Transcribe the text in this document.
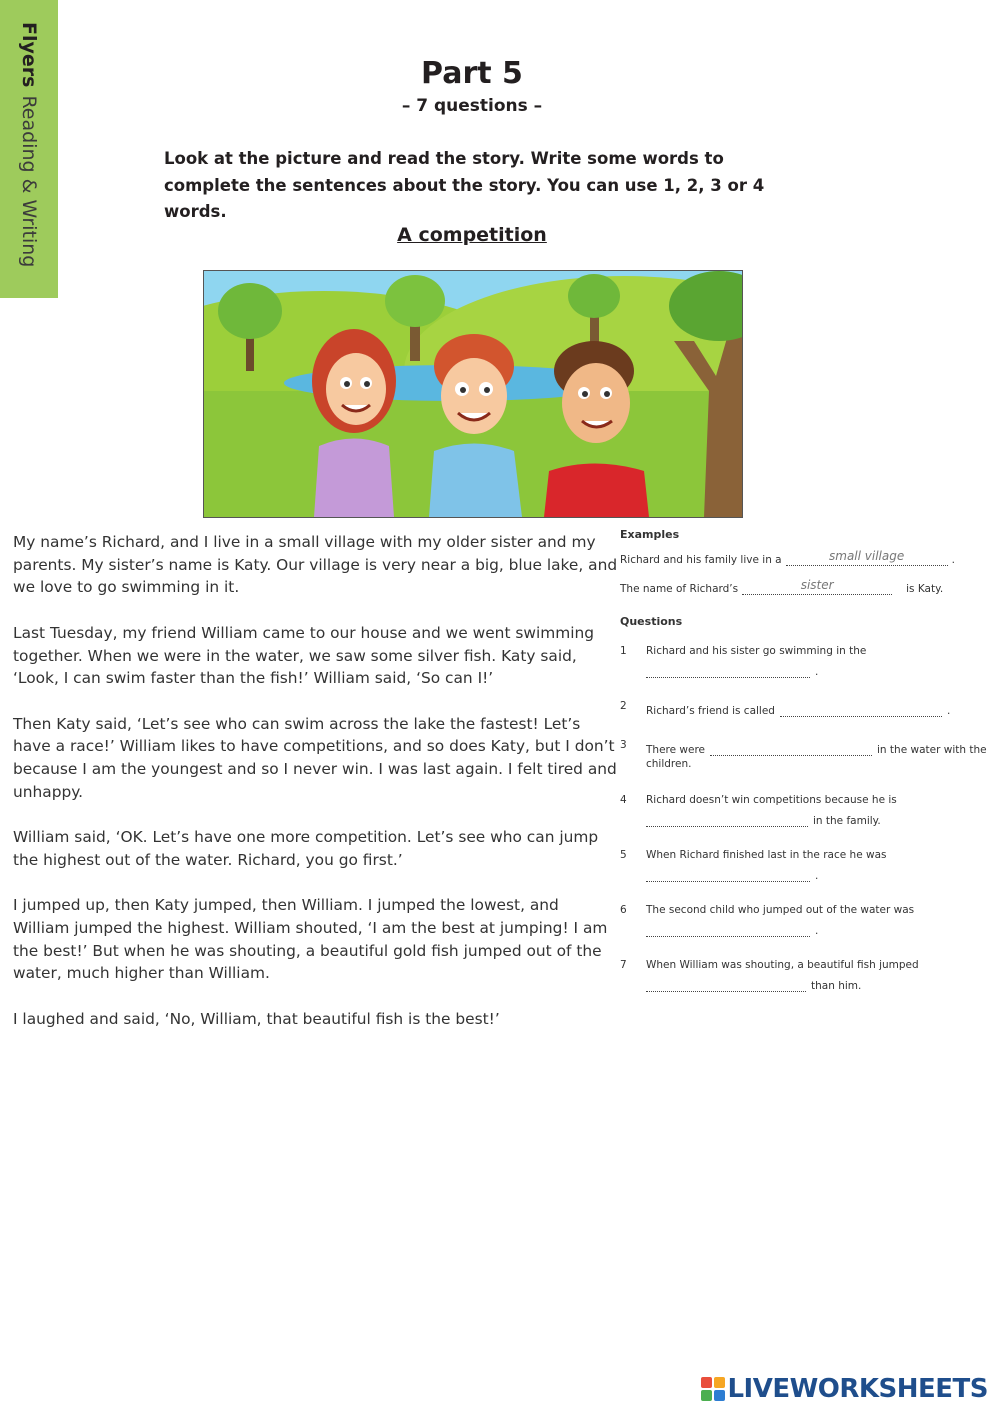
Flyers
Reading & Writing
Part 5
– 7 questions –

Look at the picture and read the story. Write some words to complete the sentences about the story. You can use 1, 2, 3 or 4 words.

A competition

My name’s Richard, and I live in a small village with my older sister and my parents. My sister’s name is Katy. Our village is very near a big, blue lake, and we love to go swimming in it.

Last Tuesday, my friend William came to our house and we went swimming together. When we were in the water, we saw some silver fish. Katy said, ‘Look, I can swim faster than the fish!’ William said, ‘So can I!’

Then Katy said, ‘Let’s see who can swim across the lake the fastest! Let’s have a race!’ William likes to have competitions, and so does Katy, but I don’t because I am the youngest and so I never win. I was last again. I felt tired and unhappy.

William said, ‘OK. Let’s have one more competition. Let’s see who can jump the highest out of the water. Richard, you go first.’

I jumped up, then Katy jumped, then William. I jumped the lowest, and William jumped the highest. William shouted, ‘I am the best at jumping! I am the best!’ But when he was shouting, a beautiful gold fish jumped out of the water, much higher than William.

I laughed and said, ‘No, William, that beautiful fish is the best!’

Examples

Richard and his family live in a	small village	.
The name of Richard’s	sister	is Katy.

Questions

1 Richard and his sister go swimming in the
.
2 Richard’s friend is called	.
3 There were	in the water with the
children.
4 Richard doesn’t win competitions because he is
in the family.
5 When Richard finished last in the race he was
.
6 The second child who jumped out of the water was
.
7 When William was shouting, a beautiful fish jumped
than him.
LIVEWORKSHEETS
